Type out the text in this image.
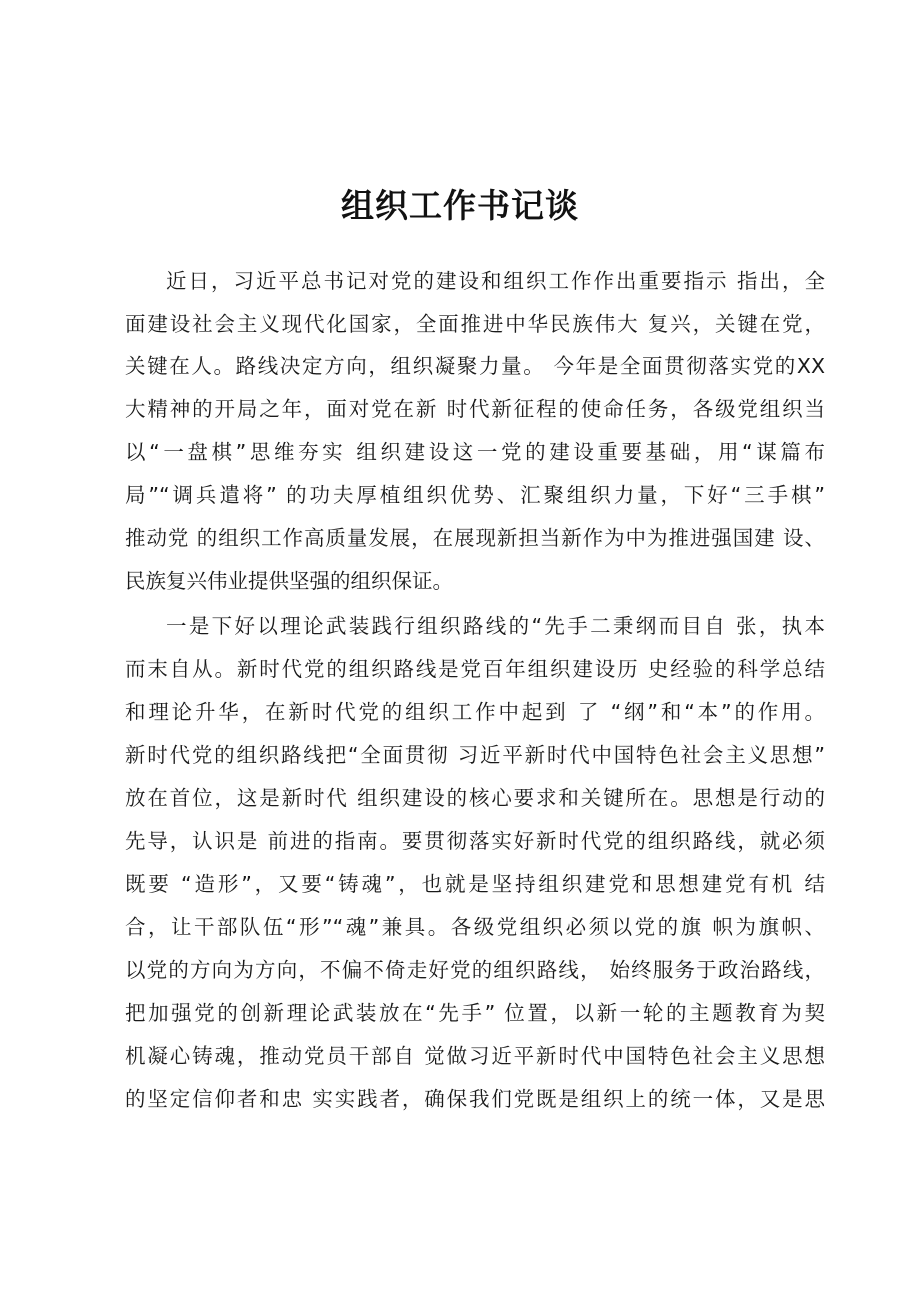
组织工作书记谈
近日，习近平总书记对党的建设和组织工作作出重要指示 指出，全
面建设社会主义现代化国家，全面推进中华民族伟大 复兴，关键在党，
关键在人。路线决定方向，组织凝聚力量。 今年是全面贯彻落实党的XX
大精神的开局之年，面对党在新 时代新征程的使命任务，各级党组织当
以“一盘棋”思维夯实 组织建设这一党的建设重要基础，用“谋篇布
局”“调兵遣将” 的功夫厚植组织优势、汇聚组织力量，下好“三手棋”
推动党 的组织工作高质量发展，在展现新担当新作为中为推进强国建 设、
民族复兴伟业提供坚强的组织保证。
一是下好以理论武装践行组织路线的“先手二秉纲而目自 张，执本
而末自从。新时代党的组织路线是党百年组织建设历 史经验的科学总结
和理论升华，在新时代党的组织工作中起到 了 “纲”和“本”的作用。
新时代党的组织路线把“全面贯彻 习近平新时代中国特色社会主义思想”
放在首位，这是新时代 组织建设的核心要求和关键所在。思想是行动的
先导，认识是 前进的指南。要贯彻落实好新时代党的组织路线，就必须
既要 “造形”，又要“铸魂”，也就是坚持组织建党和思想建党有机 结
合，让干部队伍“形”“魂”兼具。各级党组织必须以党的旗 帜为旗帜、
以党的方向为方向，不偏不倚走好党的组织路线， 始终服务于政治路线，
把加强党的创新理论武装放在“先手” 位置，以新一轮的主题教育为契
机凝心铸魂，推动党员干部自 觉做习近平新时代中国特色社会主义思想
的坚定信仰者和忠 实实践者，确保我们党既是组织上的统一体，又是思
